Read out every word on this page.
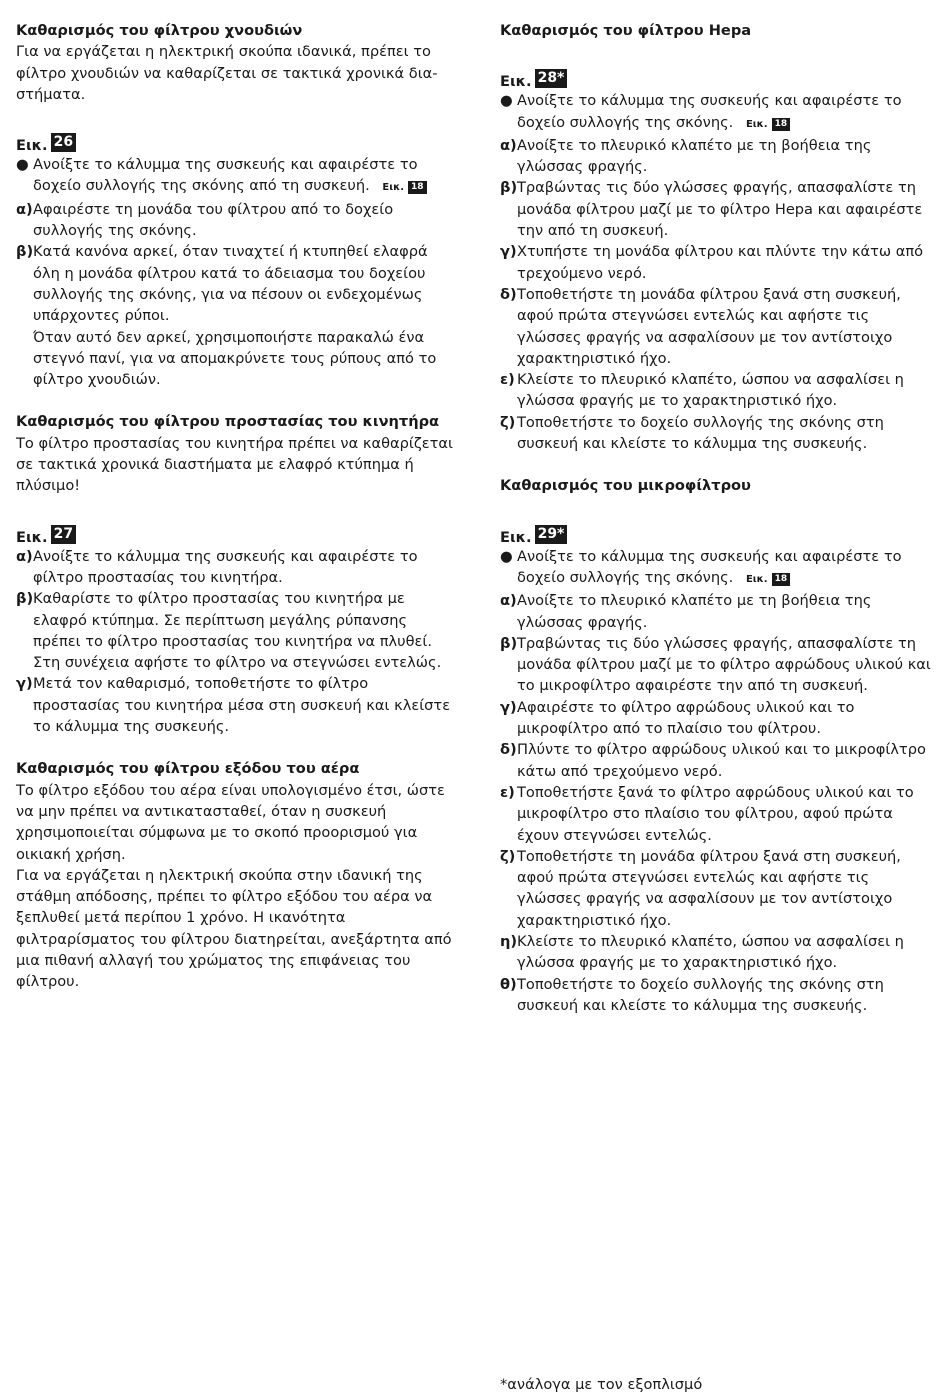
Καθαρισμός του φίλτρου χνουδιών

Για να εργάζεται η ηλεκτρική σκούπα ιδανικά, πρέπει το φίλτρο χνουδιών να καθαρίζεται σε τακτικά χρονικά δια- στήματα.

Εικ. 26
● Ανοίξτε το κάλυμμα της συσκευής και αφαιρέστε το δοχείο συλλογής της σκόνης από τη συσκευή. Εικ. 18
α) Αφαιρέστε τη μονάδα του φίλτρου από το δοχείο συλλογής της σκόνης.
β) Κατά κανόνα αρκεί, όταν τιναχτεί ή κτυπηθεί ελαφρά όλη η μονάδα φίλτρου κατά το άδειασμα του δοχείου συλλογής της σκόνης, για να πέσουν οι ενδεχομένως υπάρχοντες ρύποι.
Όταν αυτό δεν αρκεί, χρησιμοποιήστε παρακαλώ ένα στεγνό πανί, για να απομακρύνετε τους ρύπους από το φίλτρο χνουδιών.

Καθαρισμός του φίλτρου προστασίας του κινητήρα

Το φίλτρο προστασίας του κινητήρα πρέπει να καθαρίζεται σε τακτικά χρονικά διαστήματα με ελαφρό κτύπημα ή πλύσιμο!

Εικ. 27
α) Ανοίξτε το κάλυμμα της συσκευής και αφαιρέστε το φίλτρο προστασίας του κινητήρα.
β) Καθαρίστε το φίλτρο προστασίας του κινητήρα με ελαφρό κτύπημα. Σε περίπτωση μεγάλης ρύπανσης πρέπει το φίλτρο προστασίας του κινητήρα να πλυθεί. Στη συνέχεια αφήστε το φίλτρο να στεγνώσει εντελώς.
γ) Μετά τον καθαρισμό, τοποθετήστε το φίλτρο προστασίας του κινητήρα μέσα στη συσκευή και κλείστε το κάλυμμα της συσκευής.

Καθαρισμός του φίλτρου εξόδου του αέρα

Το φίλτρο εξόδου του αέρα είναι υπολογισμένο έτσι, ώστε να μην πρέπει να αντικατασταθεί, όταν η συσκευή χρησιμοποιείται σύμφωνα με το σκοπό προορισμού για οικιακή χρήση.

Για να εργάζεται η ηλεκτρική σκούπα στην ιδανική της στάθμη απόδοσης, πρέπει το φίλτρο εξόδου του αέρα να ξεπλυθεί μετά περίπου 1 χρόνο. Η ικανότητα φιλτραρίσματος του φίλτρου διατηρείται, ανεξάρτητα από μια πιθανή αλλαγή του χρώματος της επιφάνειας του φίλτρου.

Καθαρισμός του φίλτρου Hepa

Εικ. 28*
● Ανοίξτε το κάλυμμα της συσκευής και αφαιρέστε το δοχείο συλλογής της σκόνης. Εικ. 18
α) Ανοίξτε το πλευρικό κλαπέτο με τη βοήθεια της γλώσσας φραγής.
β) Τραβώντας τις δύο γλώσσες φραγής, απασφαλίστε τη μονάδα φίλτρου μαζί με το φίλτρο Hepa και αφαιρέστε την από τη συσκευή.
γ) Χτυπήστε τη μονάδα φίλτρου και πλύντε την κάτω από τρεχούμενο νερό.
δ) Τοποθετήστε τη μονάδα φίλτρου ξανά στη συσκευή, αφού πρώτα στεγνώσει εντελώς και αφήστε τις γλώσσες φραγής να ασφαλίσουν με τον αντίστοιχο χαρακτηριστικό ήχο.
ε) Κλείστε το πλευρικό κλαπέτο, ώσπου να ασφαλίσει η γλώσσα φραγής με το χαρακτηριστικό ήχο.
ζ) Τοποθετήστε το δοχείο συλλογής της σκόνης στη συσκευή και κλείστε το κάλυμμα της συσκευής.

Καθαρισμός του μικροφίλτρου

Εικ. 29*
● Ανοίξτε το κάλυμμα της συσκευής και αφαιρέστε το δοχείο συλλογής της σκόνης. Εικ. 18
α) Ανοίξτε το πλευρικό κλαπέτο με τη βοήθεια της γλώσσας φραγής.
β) Τραβώντας τις δύο γλώσσες φραγής, απασφαλίστε τη μονάδα φίλτρου μαζί με το φίλτρο αφρώδους υλικού και το μικροφίλτρο αφαιρέστε την από τη συσκευή.
γ) Αφαιρέστε το φίλτρο αφρώδους υλικού και το μικροφίλτρο από το πλαίσιο του φίλτρου.
δ) Πλύντε το φίλτρο αφρώδους υλικού και το μικροφίλτρο κάτω από τρεχούμενο νερό.
ε) Τοποθετήστε ξανά το φίλτρο αφρώδους υλικού και το μικροφίλτρο στο πλαίσιο του φίλτρου, αφού πρώτα έχουν στεγνώσει εντελώς.
ζ) Τοποθετήστε τη μονάδα φίλτρου ξανά στη συσκευή, αφού πρώτα στεγνώσει εντελώς και αφήστε τις γλώσσες φραγής να ασφαλίσουν με τον αντίστοιχο χαρακτηριστικό ήχο.
η) Κλείστε το πλευρικό κλαπέτο, ώσπου να ασφαλίσει η γλώσσα φραγής με το χαρακτηριστικό ήχο.
θ) Τοποθετήστε το δοχείο συλλογής της σκόνης στη συσκευή και κλείστε το κάλυμμα της συσκευής.
*ανάλογα με τον εξοπλισμό
